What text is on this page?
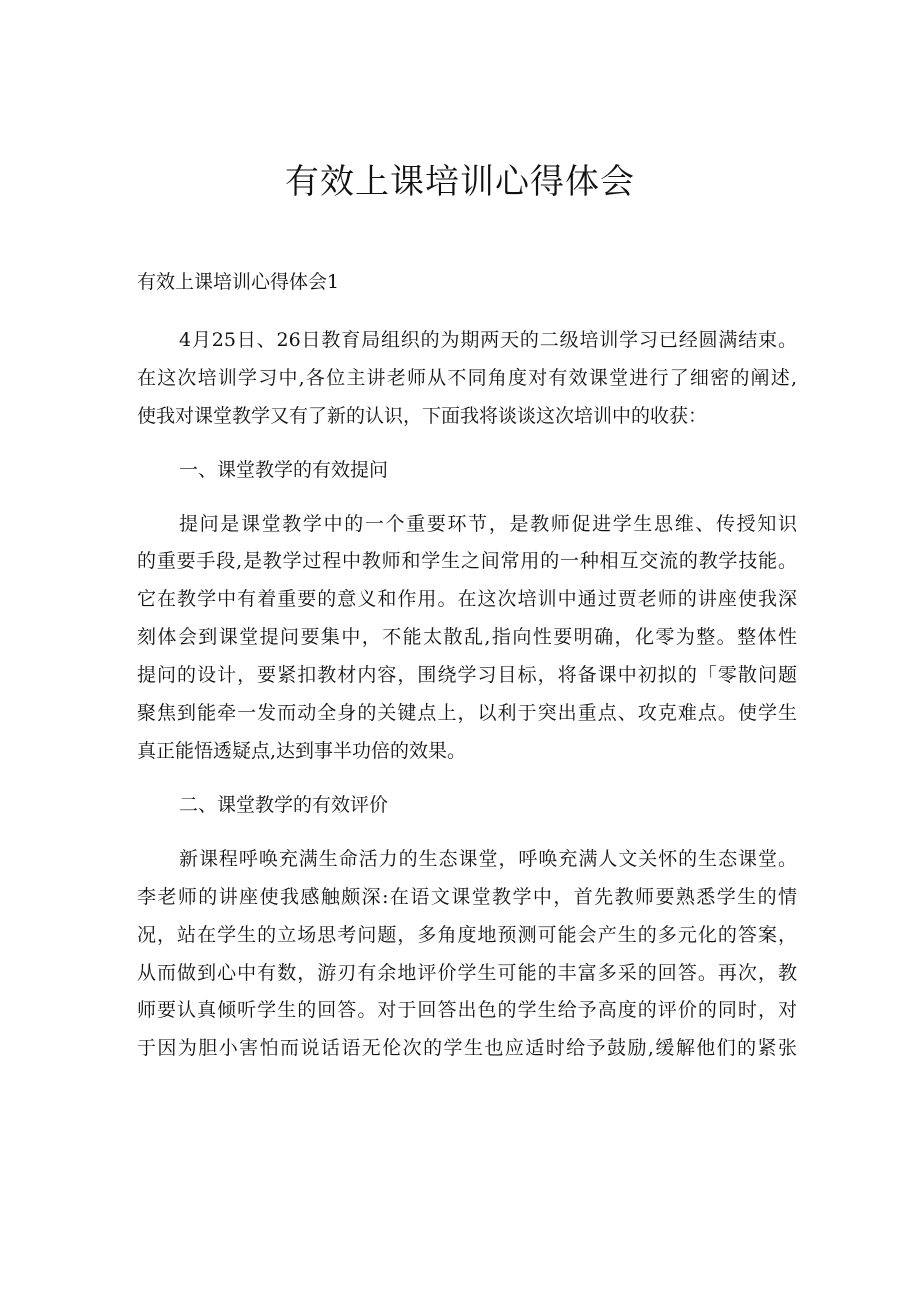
有效上课培训心得体会

有效上课培训心得体会1

4月25日、26日教育局组织的为期两天的二级培训学习已经圆满结束。
在这次培训学习中,各位主讲老师从不同角度对有效课堂进行了细密的阐述,
使我对课堂教学又有了新的认识，下面我将谈谈这次培训中的收获：

一、课堂教学的有效提问

提问是课堂教学中的一个重要环节，是教师促进学生思维、传授知识
的重要手段,是教学过程中教师和学生之间常用的一种相互交流的教学技能。
它在教学中有着重要的意义和作用。在这次培训中通过贾老师的讲座使我深
刻体会到课堂提问要集中，不能太散乱,指向性要明确，化零为整。整体性
提问的设计，要紧扣教材内容，围绕学习目标，将备课中初拟的「零散问题
聚焦到能牵一发而动全身的关键点上，以利于突出重点、攻克难点。使学生
真正能悟透疑点,达到事半功倍的效果。

二、课堂教学的有效评价

新课程呼唤充满生命活力的生态课堂，呼唤充满人文关怀的生态课堂。
李老师的讲座使我感触颇深:在语文课堂教学中，首先教师要熟悉学生的情
况，站在学生的立场思考问题，多角度地预测可能会产生的多元化的答案，
从而做到心中有数，游刃有余地评价学生可能的丰富多采的回答。再次，教
师要认真倾听学生的回答。对于回答出色的学生给予高度的评价的同时，对
于因为胆小害怕而说话语无伦次的学生也应适时给予鼓励,缓解他们的紧张
